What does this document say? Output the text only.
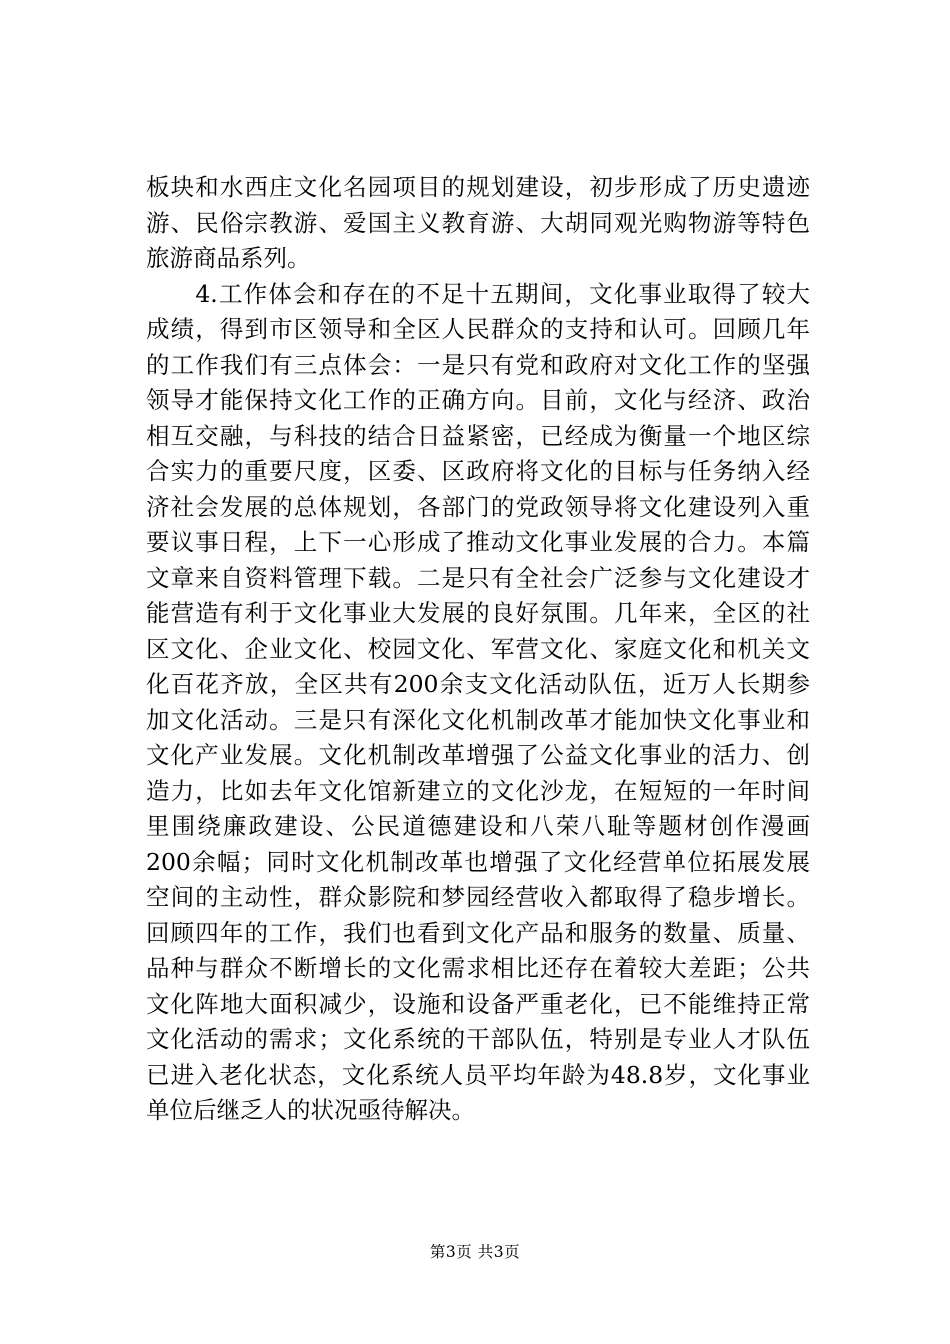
板块和水西庄文化名园项目的规划建设，初步形成了历史遗迹
游、民俗宗教游、爱国主义教育游、大胡同观光购物游等特色
旅游商品系列。
　　4.工作体会和存在的不足十五期间，文化事业取得了较大
成绩，得到市区领导和全区人民群众的支持和认可。回顾几年
的工作我们有三点体会：一是只有党和政府对文化工作的坚强
领导才能保持文化工作的正确方向。目前，文化与经济、政治
相互交融，与科技的结合日益紧密，已经成为衡量一个地区综
合实力的重要尺度，区委、区政府将文化的目标与任务纳入经
济社会发展的总体规划，各部门的党政领导将文化建设列入重
要议事日程，上下一心形成了推动文化事业发展的合力。本篇
文章来自资料管理下载。二是只有全社会广泛参与文化建设才
能营造有利于文化事业大发展的良好氛围。几年来，全区的社
区文化、企业文化、校园文化、军营文化、家庭文化和机关文
化百花齐放，全区共有200余支文化活动队伍，近万人长期参
加文化活动。三是只有深化文化机制改革才能加快文化事业和
文化产业发展。文化机制改革增强了公益文化事业的活力、创
造力，比如去年文化馆新建立的文化沙龙，在短短的一年时间
里围绕廉政建设、公民道德建设和八荣八耻等题材创作漫画
200余幅；同时文化机制改革也增强了文化经营单位拓展发展
空间的主动性，群众影院和梦园经营收入都取得了稳步增长。
回顾四年的工作，我们也看到文化产品和服务的数量、质量、
品种与群众不断增长的文化需求相比还存在着较大差距；公共
文化阵地大面积减少，设施和设备严重老化，已不能维持正常
文化活动的需求；文化系统的干部队伍，特别是专业人才队伍
已进入老化状态，文化系统人员平均年龄为48.8岁，文化事业
单位后继乏人的状况亟待解决。
第3页 共3页
